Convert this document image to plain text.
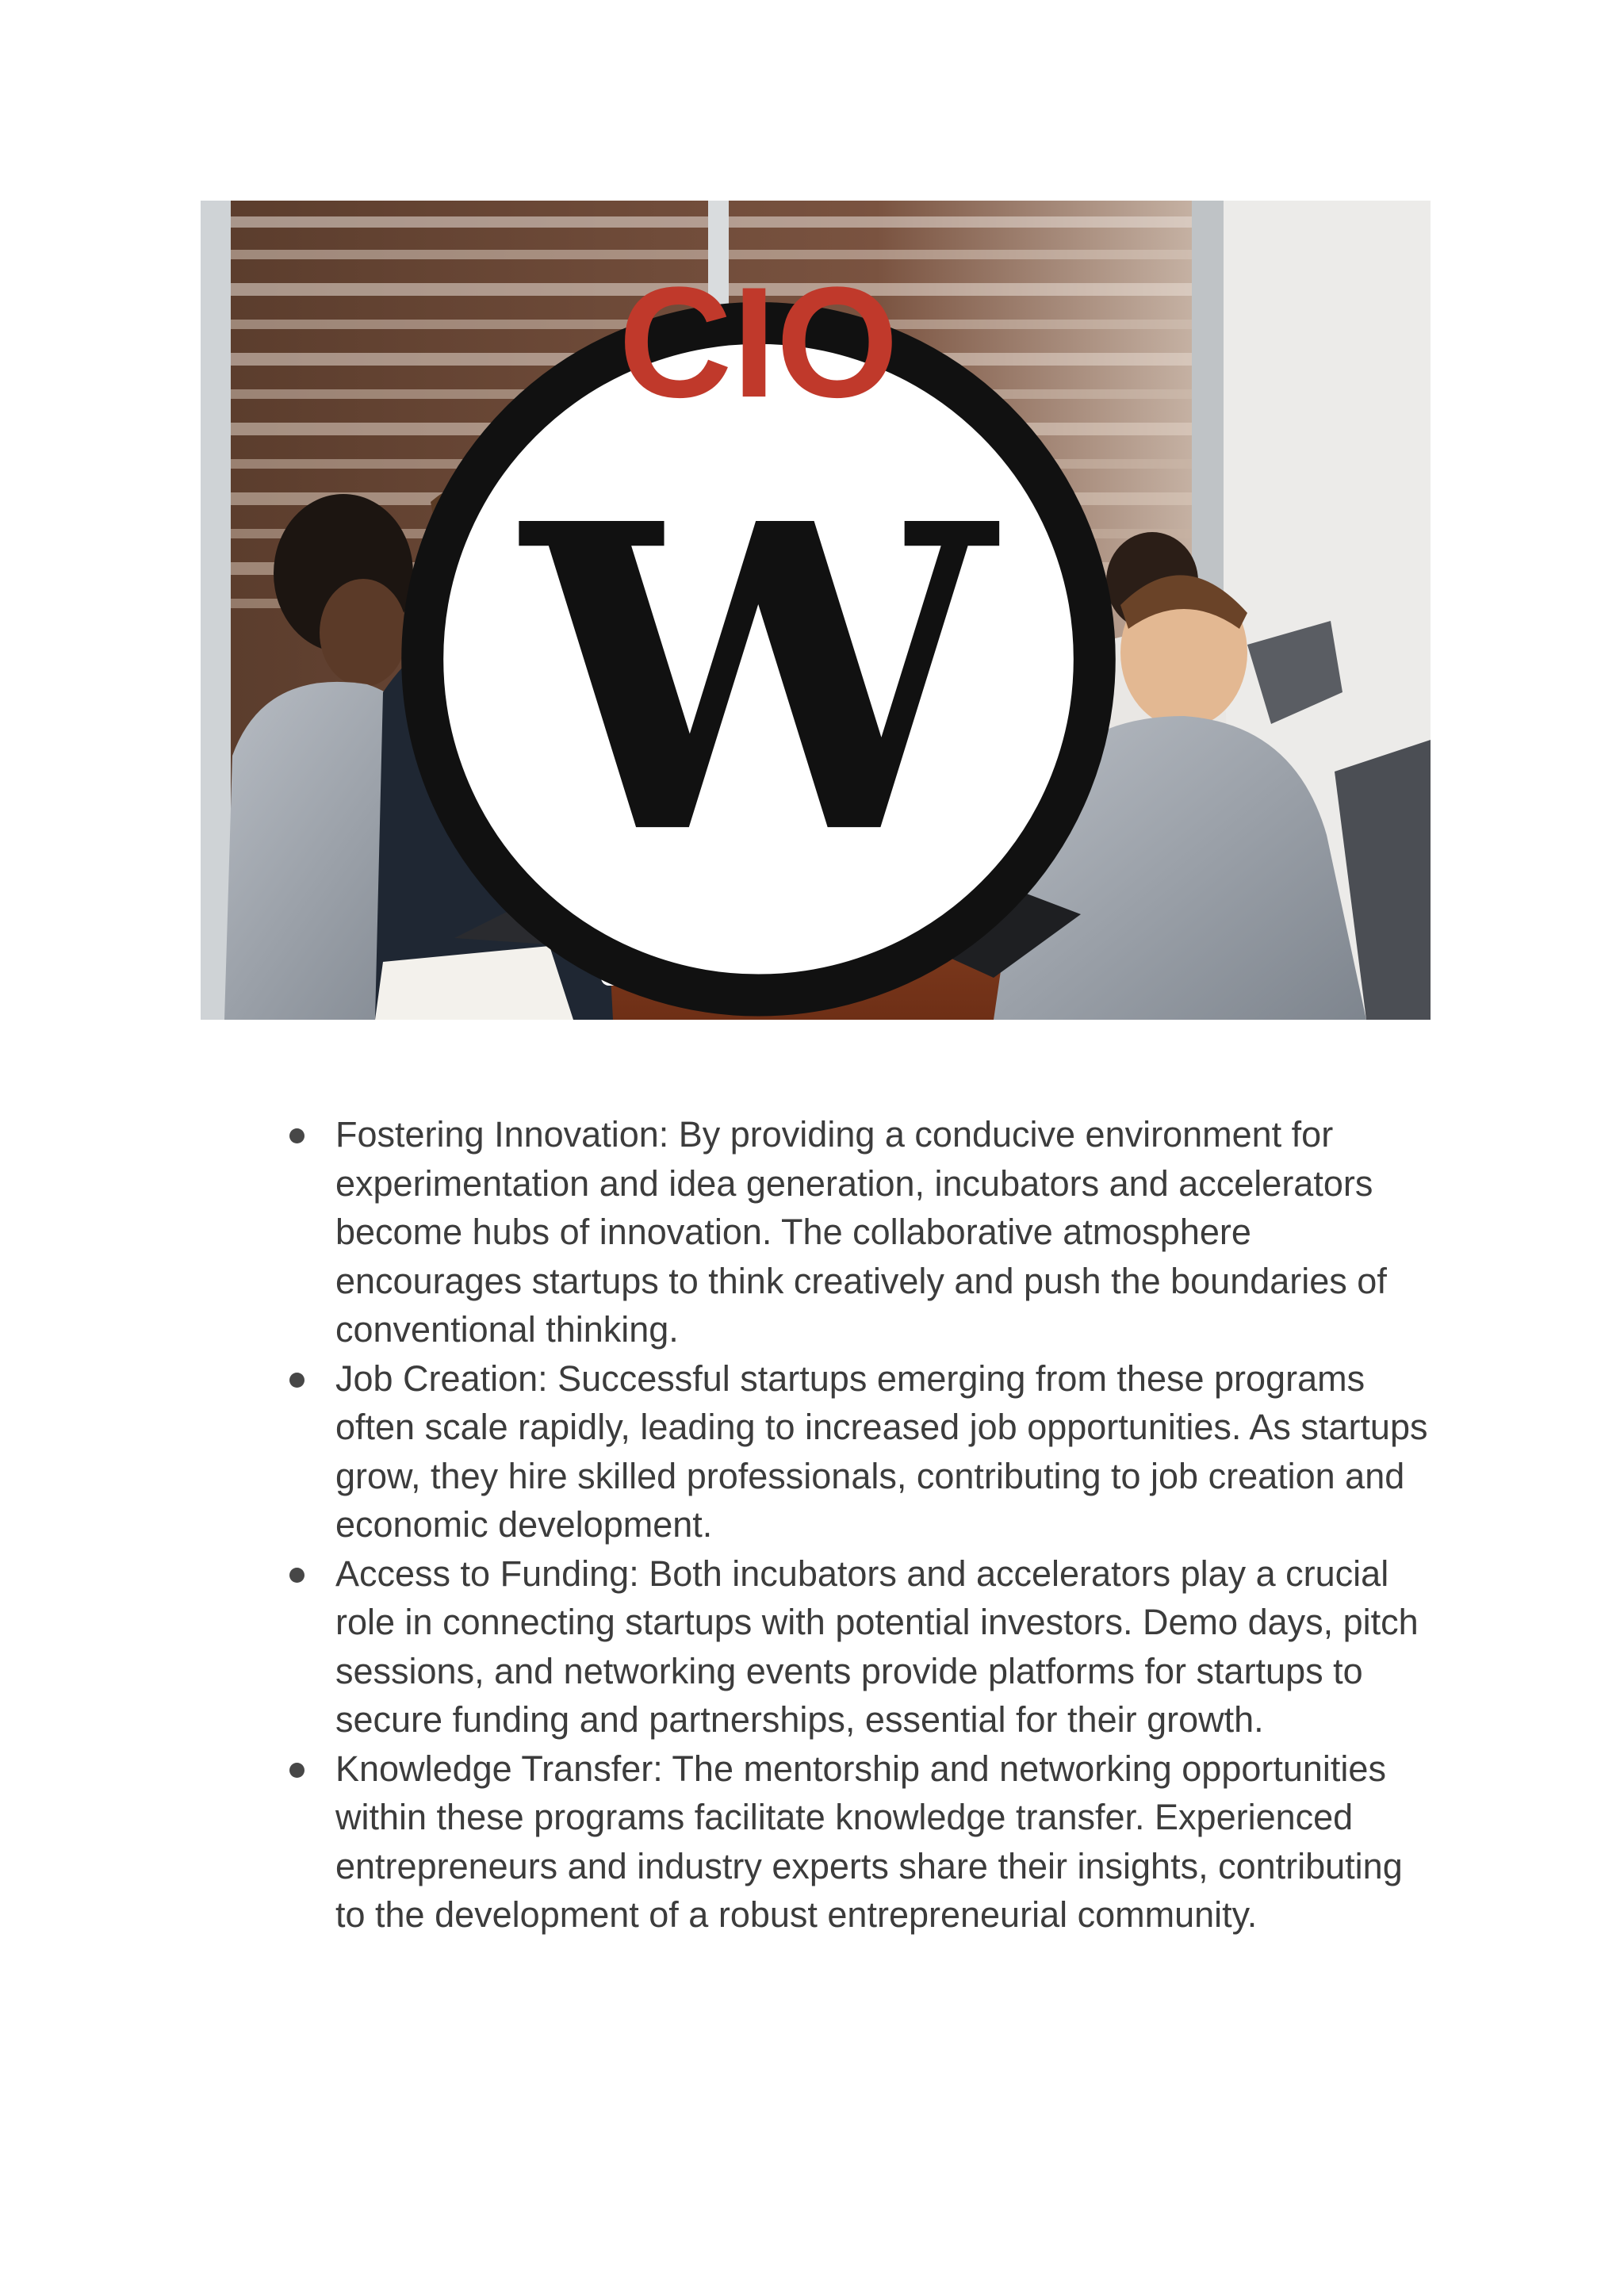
W
CIO
Fostering Innovation: By providing a conducive environment for experimentation and idea generation, incubators and accelerators become hubs of innovation. The collaborative atmosphere encourages startups to think creatively and push the boundaries of conventional thinking.
Job Creation: Successful startups emerging from these programs often scale rapidly, leading to increased job opportunities. As startups grow, they hire skilled professionals, contributing to job creation and economic development.
Access to Funding: Both incubators and accelerators play a crucial role in connecting startups with potential investors. Demo days, pitch sessions, and networking events provide platforms for startups to secure funding and partnerships, essential for their growth.
Knowledge Transfer: The mentorship and networking opportunities within these programs facilitate knowledge transfer. Experienced entrepreneurs and industry experts share their insights, contributing to the development of a robust entrepreneurial community.
